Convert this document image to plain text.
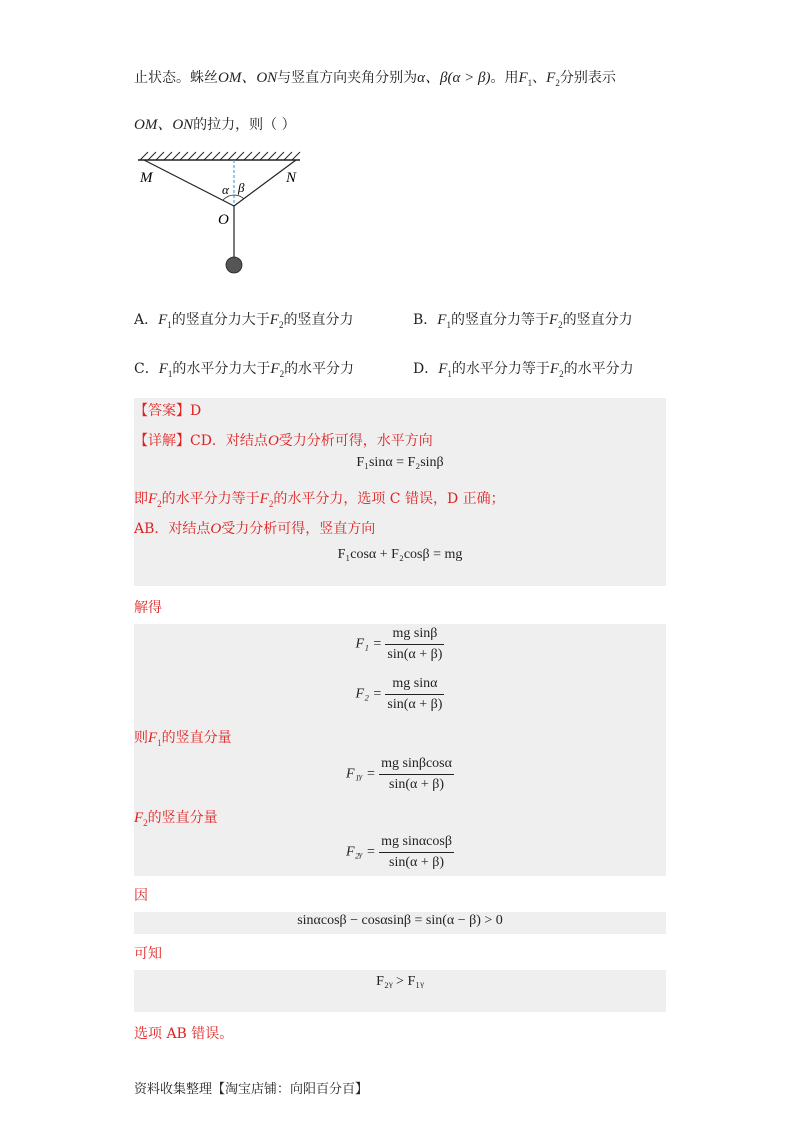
止状态。蛛丝OM、ON与竖直方向夹角分别为α、β(α > β)。用$F_1$、$F_2$分别表示
OM、ON的拉力，则（ ）
M	N
O
α β
A．$F_1$的竖直分力大于$F_2$的竖直分力	B．$F_1$的竖直分力等于$F_2$的竖直分力
C．$F_1$的水平分力大于$F_2$的水平分力	D．$F_1$的水平分力等于$F_2$的水平分力
【答案】D
【详解】CD．对结点O受力分析可得，水平方向
F₁sinα = F₂sinβ
即$F_2$的水平分力等于$F_2$的水平分力，选项 C 错误，D 正确；
AB．对结点O受力分析可得，竖直方向
F₁cosα + F₂cosβ = mg
解得
$F_1 = \frac{\text{mg sinβ}}{\sin(\alpha + \beta)}$
$F_2 = \frac{\text{mg sinα}}{\sin(\alpha + \beta)}$
则$F_1$的竖直分量
F₁ᵧ = $\frac{\text{mg sinβcosα}}{\sin(\alpha + \beta)}$
$F_2$的竖直分量
F₂ᵧ = $\frac{\text{mg sinαcosβ}}{\sin(\alpha + \beta)}$
因
sinαcosβ − cosαsinβ = sin(α − β) > 0
可知
F₂ᵧ > F₁ᵧ
选项 AB 错误。
资料收集整理【淘宝店铺：向阳百分百】
